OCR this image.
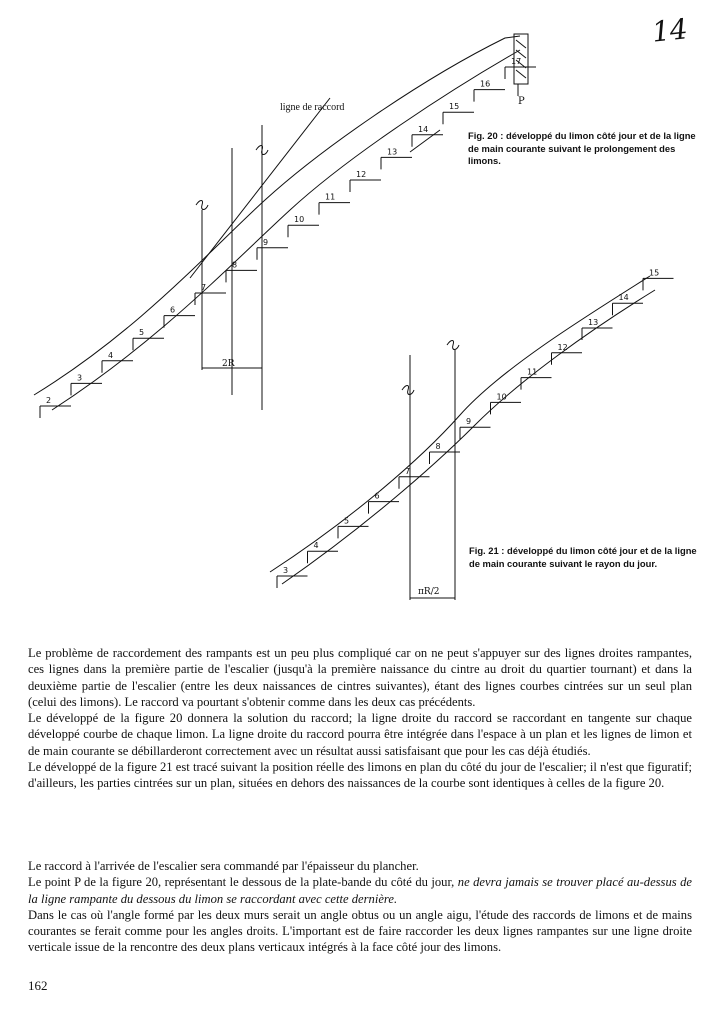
14
2
3
4
5
6
7
8
9
10
11
12
13
14
15
16
17
P
2R
3
4
5
6
7
8
9
10
11
12
13
14
15
πR/2
ligne de raccord
Fig. 20 : développé du limon côté jour et de la ligne de main courante suivant le prolongement des limons.
Fig. 21 : développé du limon côté jour et de la ligne de main courante suivant le rayon du jour.

Le problème de raccordement des rampants est un peu plus compliqué car on ne peut s'appuyer sur des lignes droites rampantes, ces lignes dans la première partie de l'escalier (jusqu'à la première naissance du cintre au droit du quartier tournant) et dans la deuxième partie de l'escalier (entre les deux naissances de cintres suivantes), étant des lignes courbes cintrées sur un seul plan (celui des limons). Le raccord va pourtant s'obtenir comme dans les deux cas précédents.

Le développé de la figure 20 donnera la solution du raccord; la ligne droite du raccord se raccordant en tangente sur chaque développé courbe de chaque limon. La ligne droite du raccord pourra être intégrée dans l'espace à un plan et les lignes de limon et de main courante se débillarderont correctement avec un résultat aussi satisfaisant que pour les cas déjà étudiés.

Le développé de la figure 21 est tracé suivant la position réelle des limons en plan du côté du jour de l'escalier; il n'est que figuratif; d'ailleurs, les parties cintrées sur un plan, situées en dehors des naissances de la courbe sont identiques à celles de la figure 20.

Le raccord à l'arrivée de l'escalier sera commandé par l'épaisseur du plancher.

Le point P de la figure 20, représentant le dessous de la plate-bande du côté du jour, ne devra jamais se trouver placé au-dessus de la ligne rampante du dessous du limon se raccordant avec cette dernière.

Dans le cas où l'angle formé par les deux murs serait un angle obtus ou un angle aigu, l'étude des raccords de limons et de mains courantes se ferait comme pour les angles droits. L'important est de faire raccorder les deux lignes rampantes sur une ligne droite verticale issue de la rencontre des deux plans verticaux intégrés à la face côté jour des limons.

162
